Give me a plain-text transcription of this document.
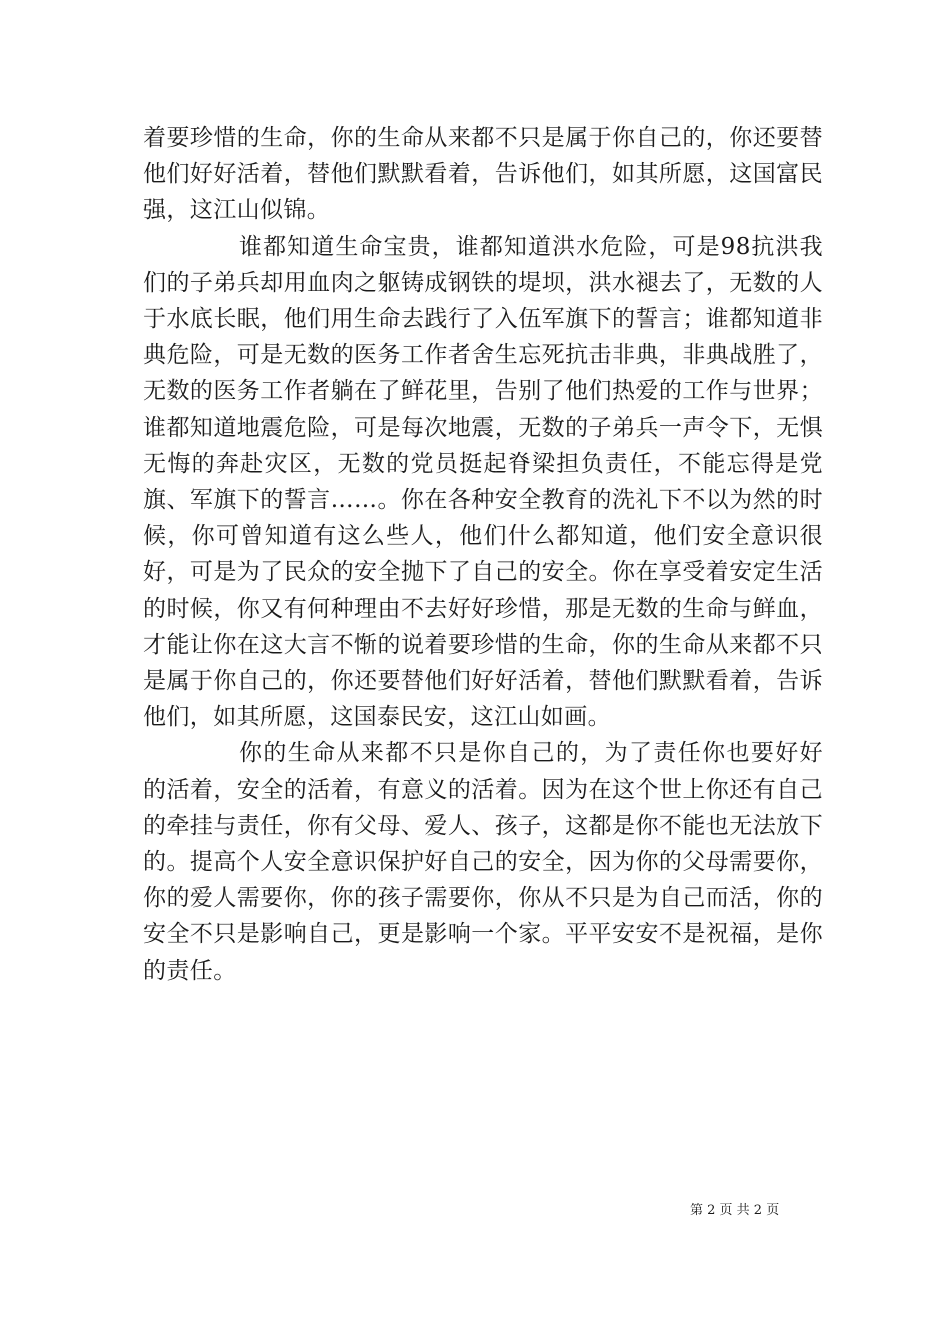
着要珍惜的生命，你的生命从来都不只是属于你自己的，你还要替他们好好活着，替他们默默看着，告诉他们，如其所愿，这国富民强，这江山似锦。

谁都知道生命宝贵，谁都知道洪水危险，可是98抗洪我们的子弟兵却用血肉之躯铸成钢铁的堤坝，洪水褪去了，无数的人于水底长眠，他们用生命去践行了入伍军旗下的誓言；谁都知道非典危险，可是无数的医务工作者舍生忘死抗击非典，非典战胜了，无数的医务工作者躺在了鲜花里，告别了他们热爱的工作与世界；谁都知道地震危险，可是每次地震，无数的子弟兵一声令下，无惧无悔的奔赴灾区，无数的党员挺起脊梁担负责任，不能忘得是党旗、军旗下的誓言……。你在各种安全教育的洗礼下不以为然的时候，你可曾知道有这么些人，他们什么都知道，他们安全意识很好，可是为了民众的安全抛下了自己的安全。你在享受着安定生活的时候，你又有何种理由不去好好珍惜，那是无数的生命与鲜血，才能让你在这大言不惭的说着要珍惜的生命，你的生命从来都不只是属于你自己的，你还要替他们好好活着，替他们默默看着，告诉他们，如其所愿，这国泰民安，这江山如画。

你的生命从来都不只是你自己的，为了责任你也要好好的活着，安全的活着，有意义的活着。因为在这个世上你还有自己的牵挂与责任，你有父母、爱人、孩子，这都是你不能也无法放下的。提高个人安全意识保护好自己的安全，因为你的父母需要你，你的爱人需要你，你的孩子需要你，你从不只是为自己而活，你的安全不只是影响自己，更是影响一个家。平平安安不是祝福，是你的责任。

第 2 页 共 2 页
